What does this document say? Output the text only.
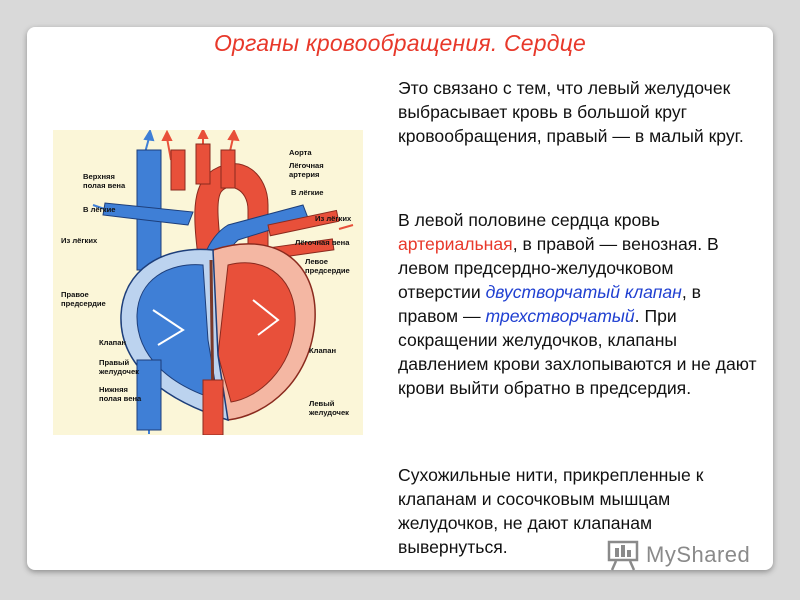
Органы кровообращения. Сердце
Аорта
Лёгочная
артерия
В лёгкие
Из лёгких
Лёгочная вена
Левое
предсердие
Клапан
Левый
желудочек
Верхняя
полая вена
В лёгкие
Из лёгких
Правое
предсердие
Клапан
Правый
желудочек
Нижняя
полая вена
Это связано с тем, что левый желудочек выбрасывает кровь в большой круг кровообращения, правый — в малый круг.
В левой половине сердца кровь артериальная, в правой — венозная. В левом предсердно-желудочковом отверстии двустворчатый клапан, в правом — трехстворчатый. При сокращении желудочков, клапаны давлением крови захлопываются и не дают крови выйти обратно в предсердия.
Сухожильные нити, прикрепленные к клапанам и сосочковым мышцам желудочков, не дают клапанам вывернуться.	MyShared
